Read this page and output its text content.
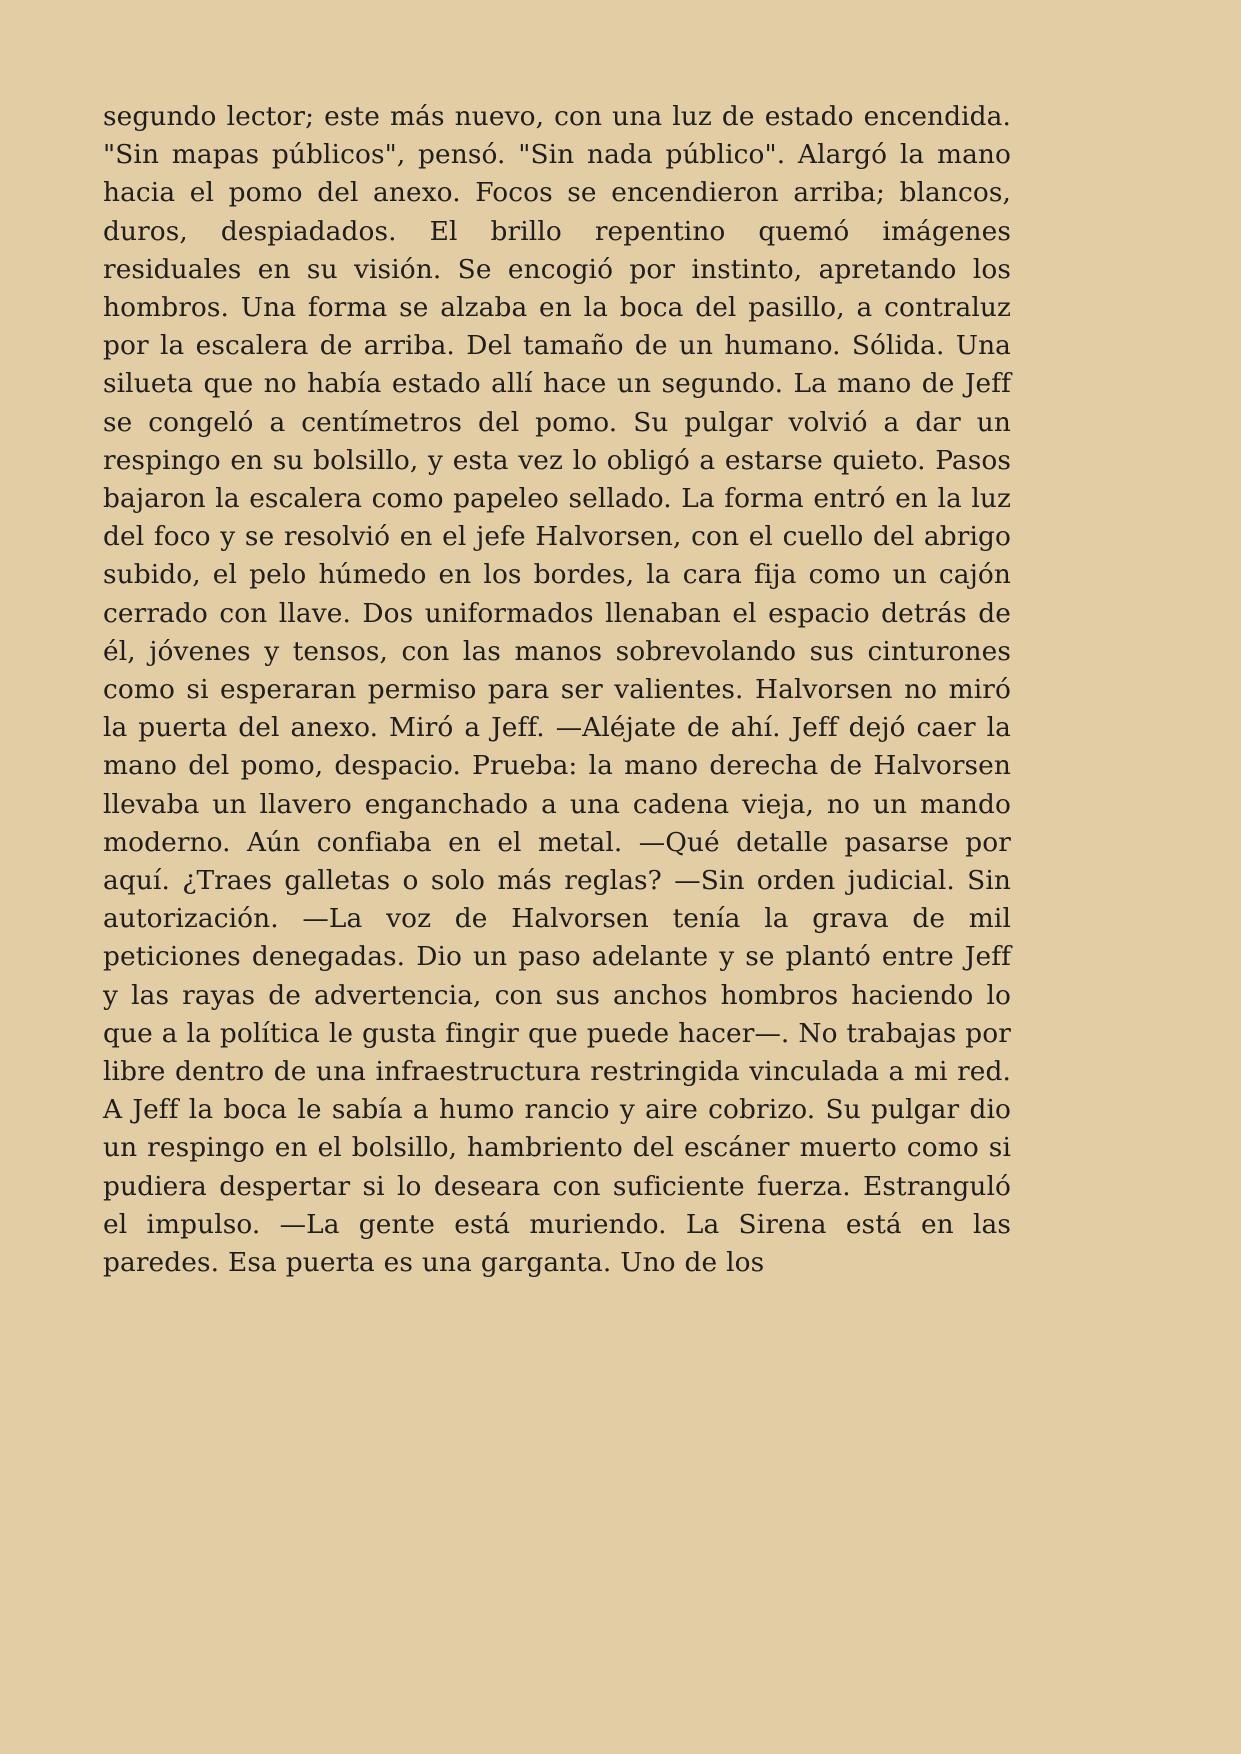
segundo lector; este más nuevo, con una luz de estado encendida. "Sin mapas públicos", pensó. "Sin nada público". Alargó la mano hacia el pomo del anexo. Focos se encendieron arriba; blancos, duros, despiadados. El brillo repentino quemó imágenes residuales en su visión. Se encogió por instinto, apretando los hombros. Una forma se alzaba en la boca del pasillo, a contraluz por la escalera de arriba. Del tamaño de un humano. Sólida. Una silueta que no había estado allí hace un segundo. La mano de Jeff se congeló a centímetros del pomo. Su pulgar volvió a dar un respingo en su bolsillo, y esta vez lo obligó a estarse quieto. Pasos bajaron la escalera como papeleo sellado. La forma entró en la luz del foco y se resolvió en el jefe Halvorsen, con el cuello del abrigo subido, el pelo húmedo en los bordes, la cara fija como un cajón cerrado con llave. Dos uniformados llenaban el espacio detrás de él, jóvenes y tensos, con las manos sobrevolando sus cinturones como si esperaran permiso para ser valientes. Halvorsen no miró la puerta del anexo. Miró a Jeff. —Aléjate de ahí. Jeff dejó caer la mano del pomo, despacio. Prueba: la mano derecha de Halvorsen llevaba un llavero enganchado a una cadena vieja, no un mando moderno. Aún confiaba en el metal. —Qué detalle pasarse por aquí. ¿Traes galletas o solo más reglas? —Sin orden judicial. Sin autorización. —La voz de Halvorsen tenía la grava de mil peticiones denegadas. Dio un paso adelante y se plantó entre Jeff y las rayas de advertencia, con sus anchos hombros haciendo lo que a la política le gusta fingir que puede hacer—. No trabajas por libre dentro de una infraestructura restringida vinculada a mi red. A Jeff la boca le sabía a humo rancio y aire cobrizo. Su pulgar dio un respingo en el bolsillo, hambriento del escáner muerto como si pudiera despertar si lo deseara con suficiente fuerza. Estranguló el impulso. —La gente está muriendo. La Sirena está en las paredes. Esa puerta es una garganta. Uno de los
